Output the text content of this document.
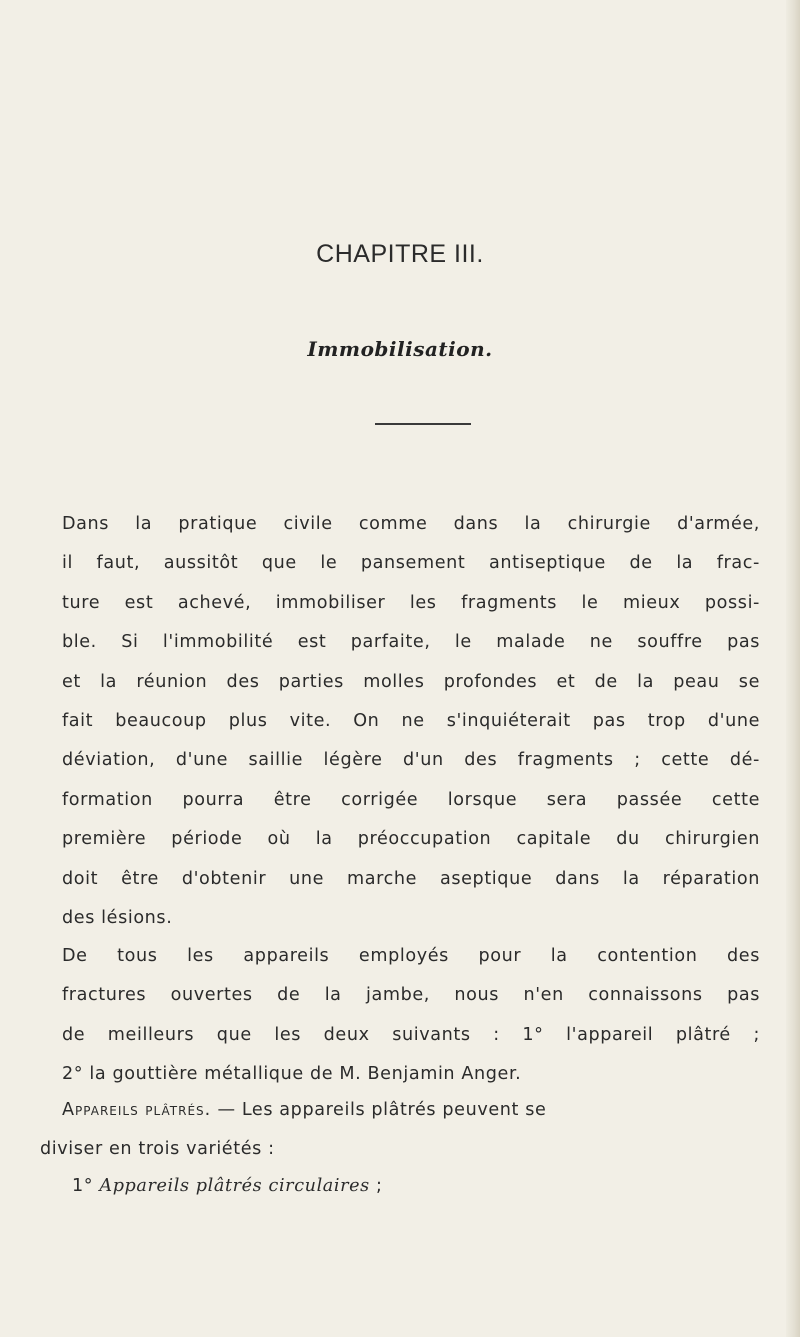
CHAPITRE III.
Immobilisation.
Dans la pratique civile comme dans la chirurgie d'armée,
il faut, aussitôt que le pansement antiseptique de la frac-
ture est achevé, immobiliser les fragments le mieux possi-
ble. Si l'immobilité est parfaite, le malade ne souffre pas
et la réunion des parties molles profondes et de la peau se
fait beaucoup plus vite. On ne s'inquiéterait pas trop d'une
déviation, d'une saillie légère d'un des fragments ; cette dé-
formation pourra être corrigée lorsque sera passée cette
première période où la préoccupation capitale du chirurgien
doit être d'obtenir une marche aseptique dans la réparation
des lésions.
De tous les appareils employés pour la contention des
fractures ouvertes de la jambe, nous n'en connaissons pas
de meilleurs que les deux suivants : 1° l'appareil plâtré ;
2° la gouttière métallique de M. Benjamin Anger.
Appareils plâtrés. — Les appareils plâtrés peuvent se
diviser en trois variétés :
1° Appareils plâtrés circulaires ;
